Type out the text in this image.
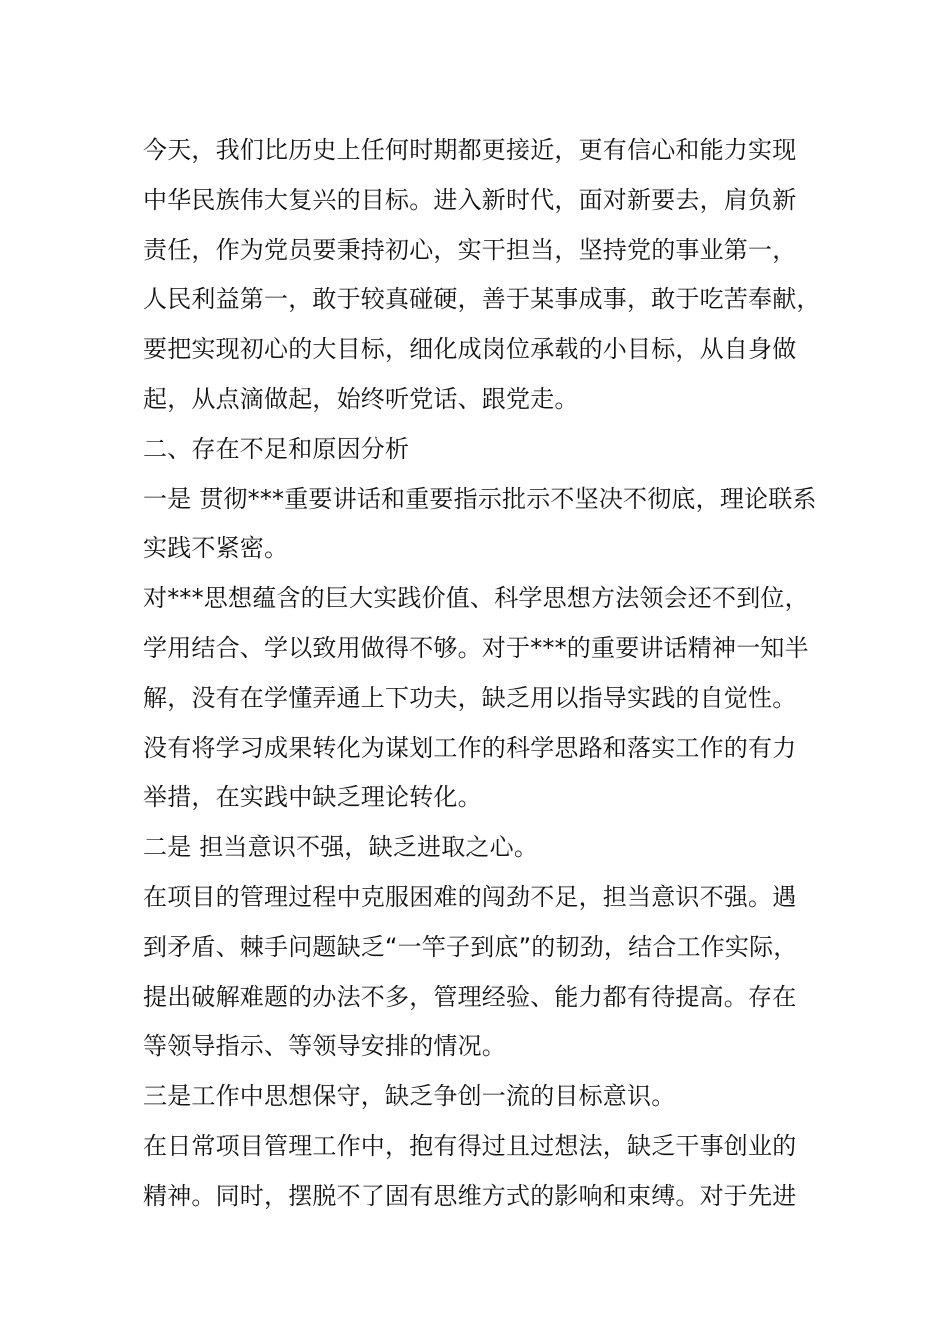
今天，我们比历史上任何时期都更接近，更有信心和能力实现
中华民族伟大复兴的目标。进入新时代，面对新要去，肩负新
责任，作为党员要秉持初心，实干担当，坚持党的事业第一，
人民利益第一，敢于较真碰硬，善于某事成事，敢于吃苦奉献，
要把实现初心的大目标，细化成岗位承载的小目标，从自身做
起，从点滴做起，始终听党话、跟党走。
二、存在不足和原因分析
一是 贯彻***重要讲话和重要指示批示不坚决不彻底，理论联系
实践不紧密。
对***思想蕴含的巨大实践价值、科学思想方法领会还不到位，
学用结合、学以致用做得不够。对于***的重要讲话精神一知半
解，没有在学懂弄通上下功夫，缺乏用以指导实践的自觉性。
没有将学习成果转化为谋划工作的科学思路和落实工作的有力
举措，在实践中缺乏理论转化。
二是 担当意识不强，缺乏进取之心。
在项目的管理过程中克服困难的闯劲不足，担当意识不强。遇
到矛盾、棘手问题缺乏“一竿子到底”的韧劲，结合工作实际，
提出破解难题的办法不多，管理经验、能力都有待提高。存在
等领导指示、等领导安排的情况。
三是工作中思想保守，缺乏争创一流的目标意识。
在日常项目管理工作中，抱有得过且过想法，缺乏干事创业的
精神。同时，摆脱不了固有思维方式的影响和束缚。对于先进
